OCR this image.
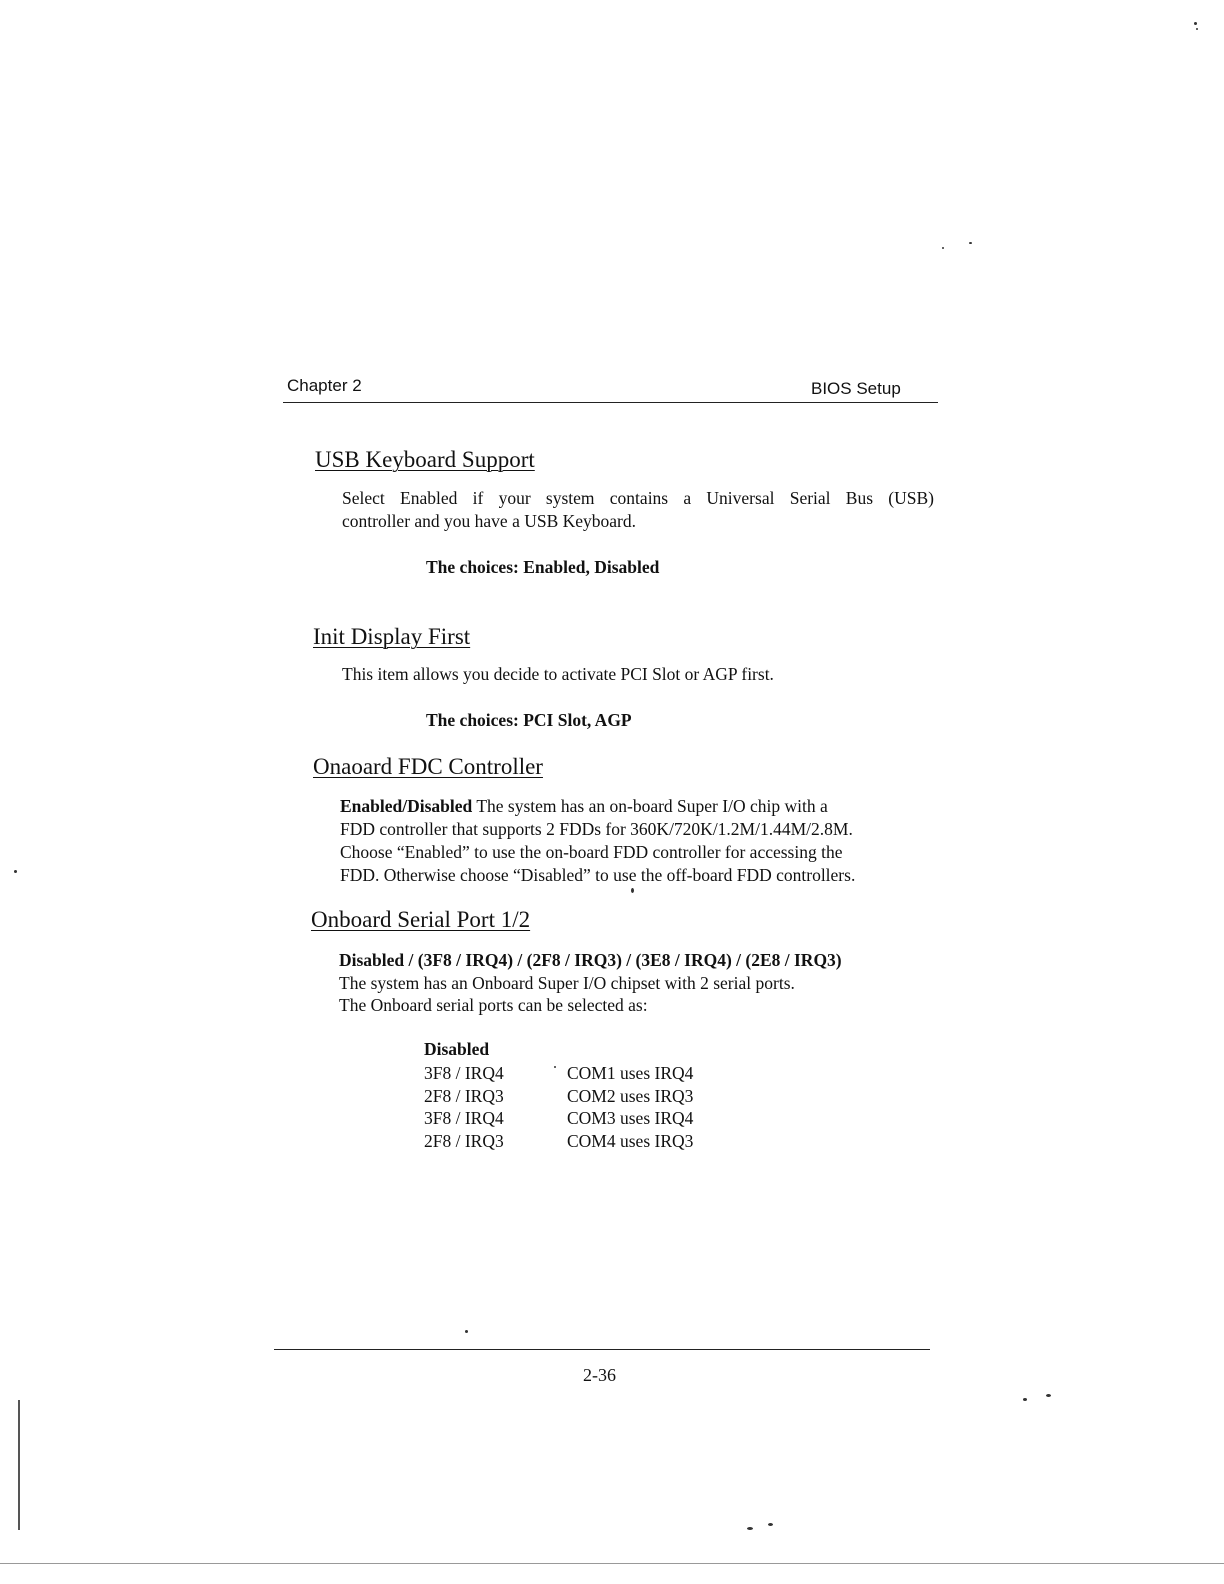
Chapter 2	BIOS Setup
USB Keyboard Support
Select Enabled if your system contains a Universal Serial Bus (USB)
controller and you have a USB Keyboard.
The choices: Enabled, Disabled
Init Display First
This item allows you decide to activate PCI Slot or AGP first.
The choices: PCI Slot, AGP
Onaoard FDC Controller
Enabled/Disabled The system has an on-board Super I/O chip with a
FDD controller that supports 2 FDDs for 360K/720K/1.2M/1.44M/2.8M.
Choose “Enabled” to use the on-board FDD controller for accessing the
FDD. Otherwise choose “Disabled” to use the off-board FDD controllers.
Onboard Serial Port 1/2
Disabled / (3F8 / IRQ4) / (2F8 / IRQ3) / (3E8 / IRQ4) / (2E8 / IRQ3)
The system has an Onboard Super I/O chipset with 2 serial ports.
The Onboard serial ports can be selected as:
Disabled
3F8 / IRQ4	COM1 uses IRQ4
2F8 / IRQ3	COM2 uses IRQ3
3F8 / IRQ4	COM3 uses IRQ4
2F8 / IRQ3	COM4 uses IRQ3
2-36
